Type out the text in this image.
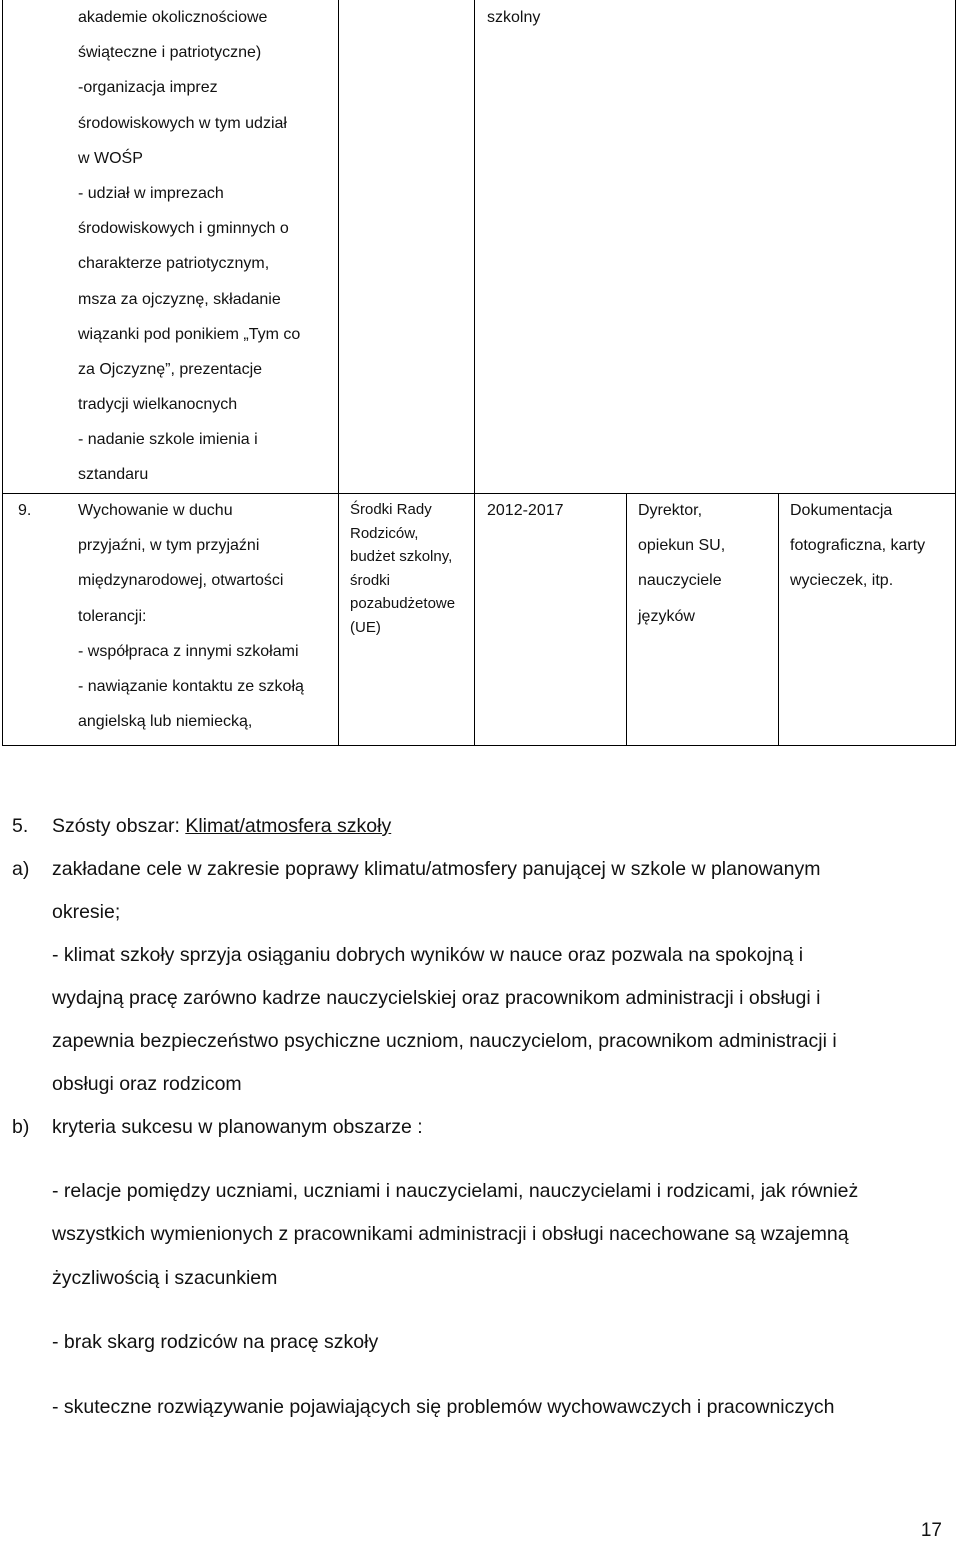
akademie okolicznościowe
świąteczne i patriotyczne)
-organizacja imprez
środowiskowych w tym udział
w WOŚP
- udział w imprezach
środowiskowych i gminnych o
charakterze patriotycznym,
msza za ojczyznę, składanie
wiązanki pod ponikiem „Tym co
za Ojczyznę”, prezentacje
tradycji wielkanocnych
- nadanie szkole imienia i
sztandaru
szkolny
9.	Wychowanie w duchu
przyjaźni, w tym przyjaźni
międzynarodowej, otwartości
tolerancji:
- współpraca z innymi szkołami
- nawiązanie kontaktu ze szkołą
angielską lub niemiecką,
Środki Rady
Rodziców,
budżet szkolny,
środki
pozabudżetowe
(UE)
2012-2017	Dyrektor,
opiekun SU,
nauczyciele
języków
Dokumentacja
fotograficzna, karty
wycieczek, itp.
5. Szósty obszar: Klimat/atmosfera szkoły
a) zakładane cele w zakresie poprawy klimatu/atmosfery panującej w szkole w planowanym
okresie;
- klimat szkoły sprzyja osiąganiu dobrych wyników w nauce oraz pozwala na spokojną i
wydajną pracę zarówno kadrze nauczycielskiej oraz pracownikom administracji i obsługi i
zapewnia bezpieczeństwo psychiczne uczniom, nauczycielom, pracownikom administracji i
obsługi oraz rodzicom
b) kryteria sukcesu w planowanym obszarze :
- relacje pomiędzy uczniami, uczniami i nauczycielami, nauczycielami i rodzicami, jak również
wszystkich wymienionych z pracownikami administracji i obsługi nacechowane są wzajemną
życzliwością i szacunkiem
- brak skarg rodziców na pracę szkoły
- skuteczne rozwiązywanie pojawiających się problemów wychowawczych i pracowniczych
17
